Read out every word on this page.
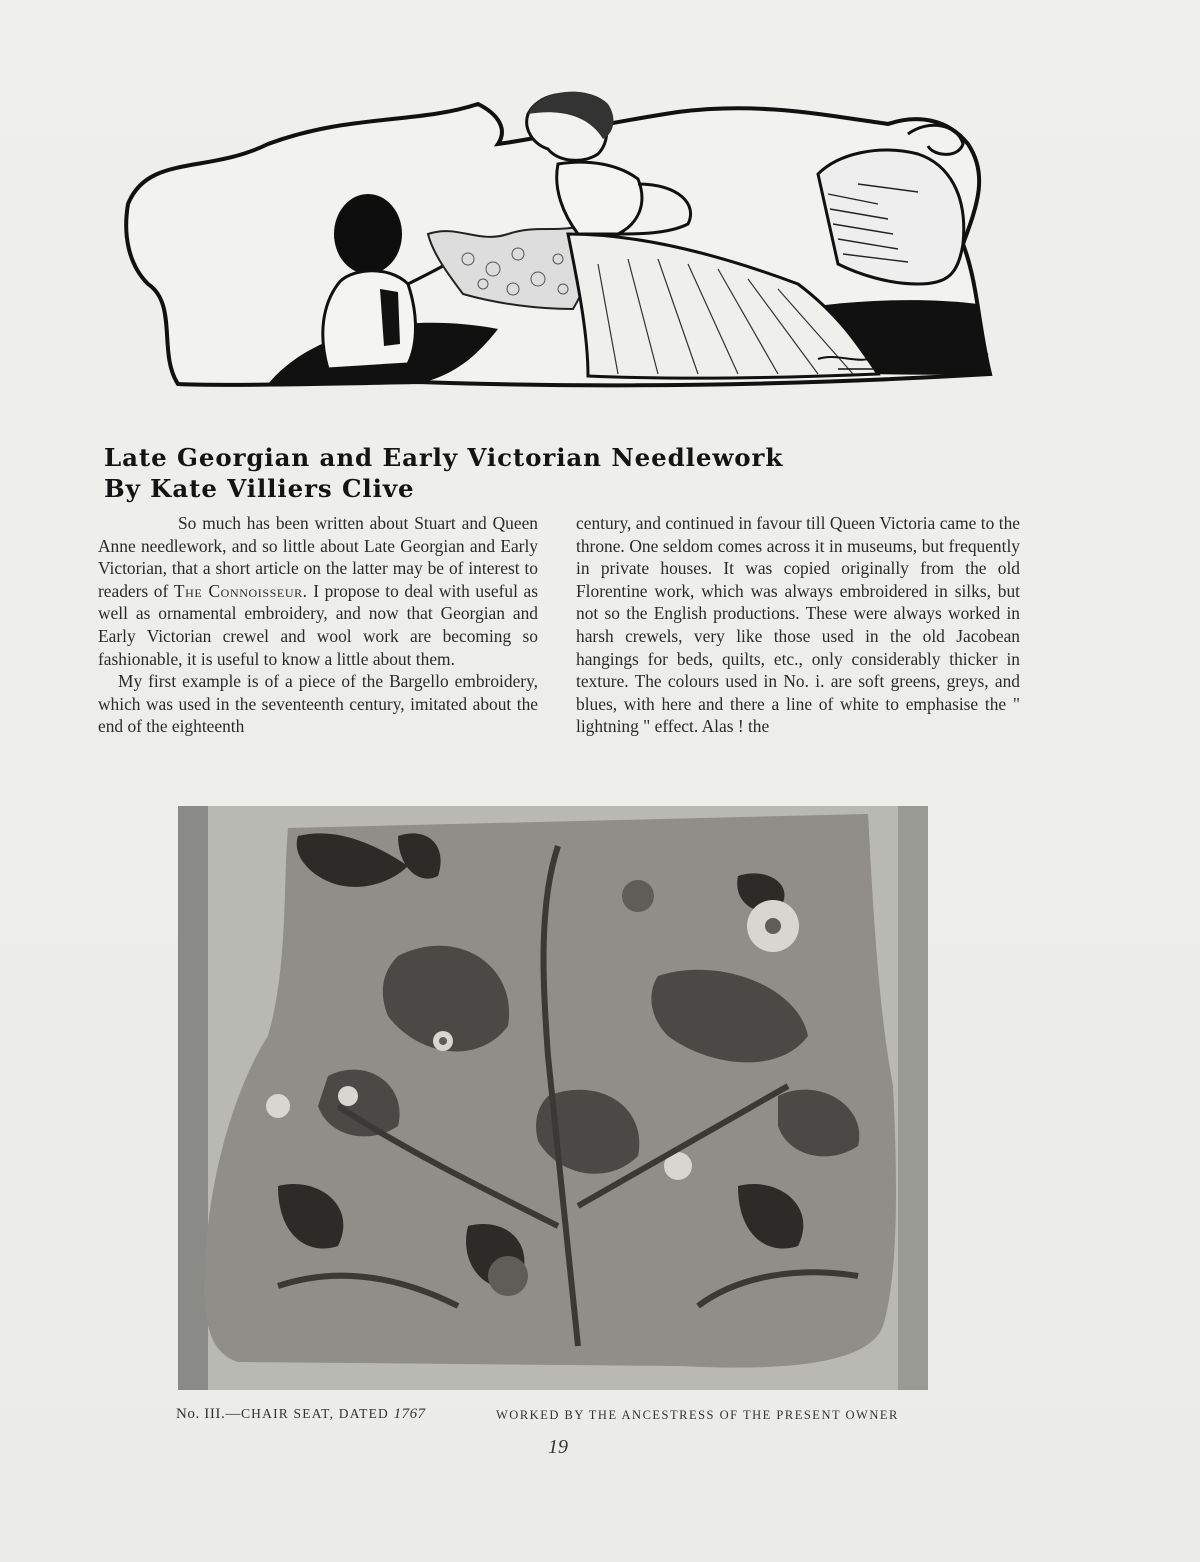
Late Georgian and Early Victorian Needlework
By Kate Villiers Clive

So much has been written about Stuart and Queen Anne needlework, and so little about Late Georgian and Early Victorian, that a short article on the latter may be of interest to readers of The Connoisseur. I propose to deal with useful as well as ornamental embroidery, and now that Georgian and Early Victorian crewel and wool work are becoming so fashionable, it is useful to know a little about them.

My first example is of a piece of the Bargello embroidery, which was used in the seventeenth century, imitated about the end of the eighteenth

century, and continued in favour till Queen Victoria came to the throne. One seldom comes across it in museums, but frequently in private houses. It was copied originally from the old Florentine work, which was always embroidered in silks, but not so the English productions. These were always worked in harsh crewels, very like those used in the old Jacobean hangings for beds, quilts, etc., only considerably thicker in texture. The colours used in No. i. are soft greens, greys, and blues, with here and there a line of white to emphasise the " lightning " effect. Alas ! the

No. III.—CHAIR SEAT, DATED 1767	WORKED BY THE ANCESTRESS OF THE PRESENT OWNER
19
